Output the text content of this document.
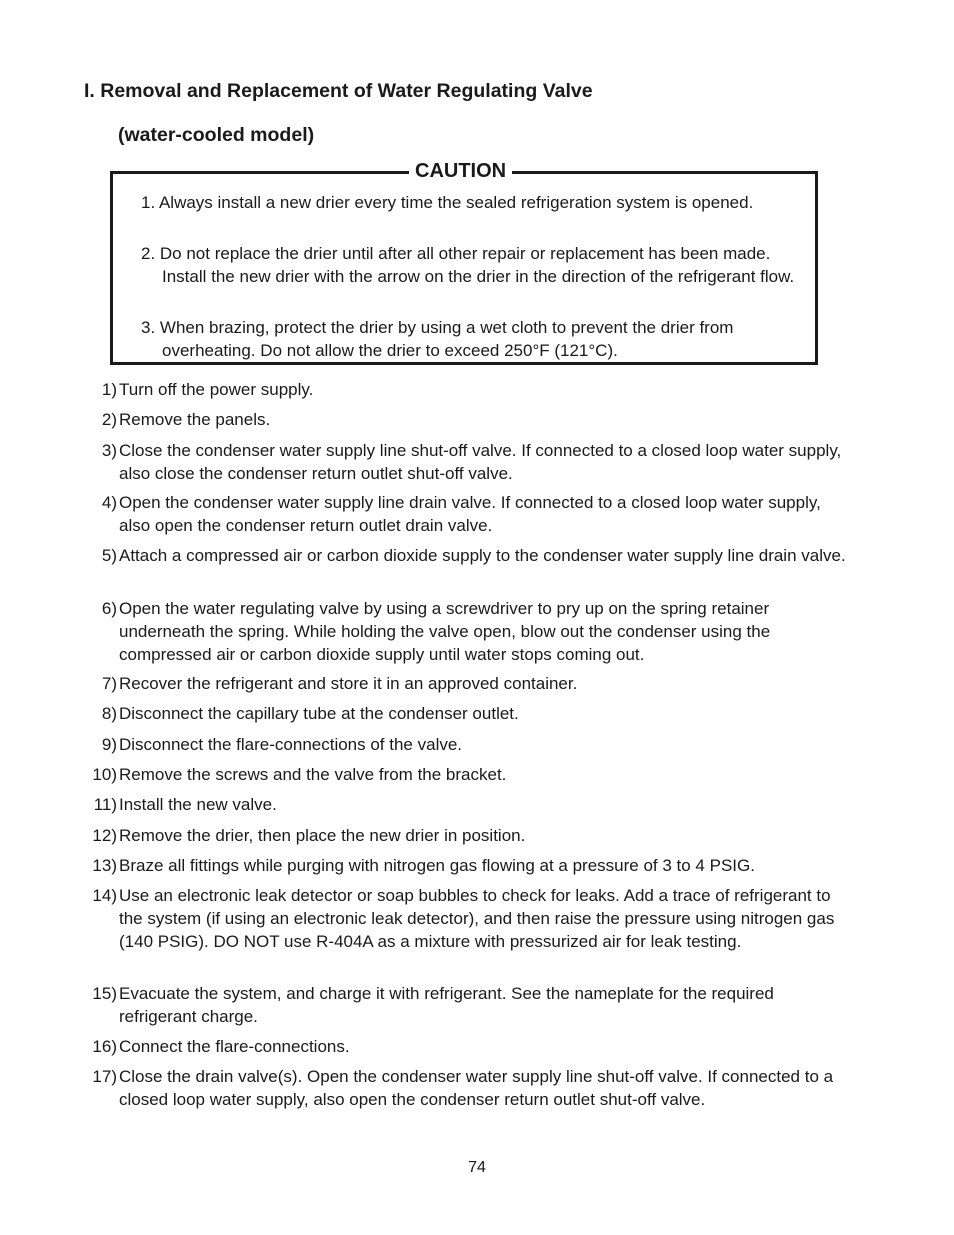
I. Removal and Replacement of Water Regulating Valve
(water-cooled model)
CAUTION
1. Always install a new drier every time the sealed refrigeration system is opened.
2. Do not replace the drier until after all other repair or replacement has been made. Install the new drier with the arrow on the drier in the direction of the refrigerant flow.
3. When brazing, protect the drier by using a wet cloth to prevent the drier from overheating. Do not allow the drier to exceed 250°F (121°C).
1) Turn off the power supply.
2) Remove the panels.
3) Close the condenser water supply line shut-off valve. If connected to a closed loop water supply, also close the condenser return outlet shut-off valve.
4) Open the condenser water supply line drain valve. If connected to a closed loop water supply, also open the condenser return outlet drain valve.
5) Attach a compressed air or carbon dioxide supply to the condenser water supply line drain valve.
6) Open the water regulating valve by using a screwdriver to pry up on the spring retainer underneath the spring. While holding the valve open, blow out the condenser using the compressed air or carbon dioxide supply until water stops coming out.
7) Recover the refrigerant and store it in an approved container.
8) Disconnect the capillary tube at the condenser outlet.
9) Disconnect the flare-connections of the valve.
10) Remove the screws and the valve from the bracket.
11) Install the new valve.
12) Remove the drier, then place the new drier in position.
13) Braze all fittings while purging with nitrogen gas flowing at a pressure of 3 to 4 PSIG.
14) Use an electronic leak detector or soap bubbles to check for leaks. Add a trace of refrigerant to the system (if using an electronic leak detector), and then raise the pressure using nitrogen gas (140 PSIG). DO NOT use R-404A as a mixture with pressurized air for leak testing.
15) Evacuate the system, and charge it with refrigerant. See the nameplate for the required refrigerant charge.
16) Connect the flare-connections.
17) Close the drain valve(s). Open the condenser water supply line shut-off valve. If connected to a closed loop water supply, also open the condenser return outlet shut-off valve.
74
